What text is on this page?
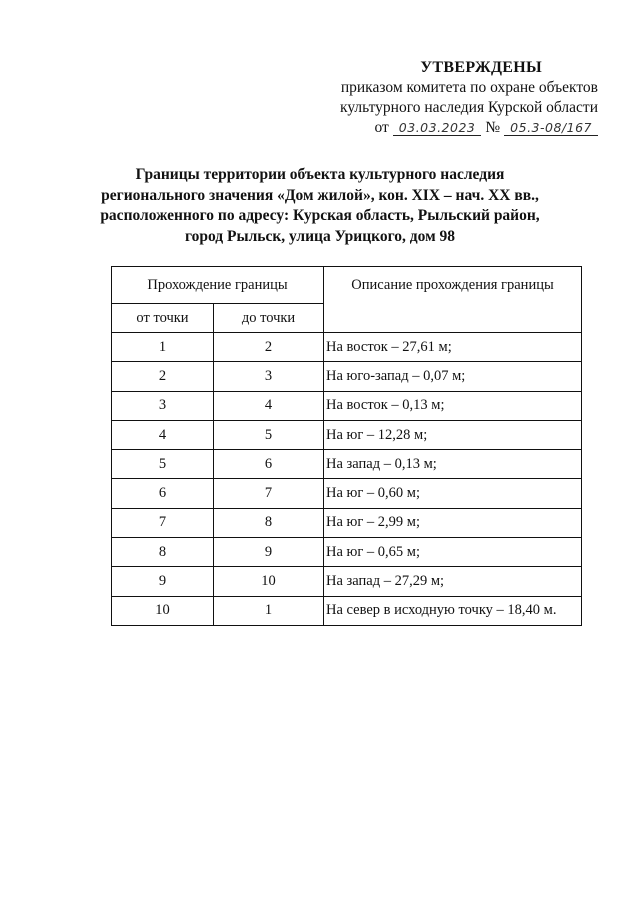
УТВЕРЖДЕНЫ
приказом комитета по охране объектов
культурного наследия Курской области
от 03.03.2023 № 05.3-08/167
Границы территории объекта культурного наследия
регионального значения «Дом жилой», кон. XIX – нач. XX вв.,
расположенного по адресу: Курская область, Рыльский район,
город Рыльск, улица Урицкого, дом 98
Прохождение границы		Описание прохождения границы
от точки	до точки	
1	2	На восток – 27,61 м;
2	3	На юго-запад – 0,07 м;
3	4	На восток – 0,13 м;
4	5	На юг – 12,28 м;
5	6	На запад – 0,13 м;
6	7	На юг – 0,60 м;
7	8	На юг – 2,99 м;
8	9	На юг – 0,65 м;
9	10	На запад – 27,29 м;
10	1	На север в исходную точку – 18,40 м.
